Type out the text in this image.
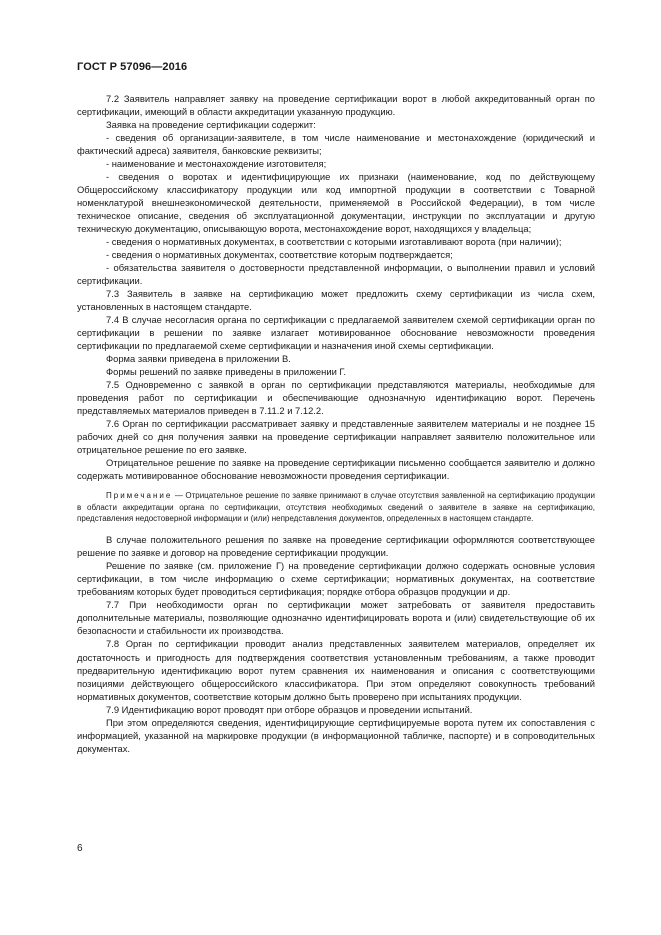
ГОСТ Р 57096—2016

7.2 Заявитель направляет заявку на проведение сертификации ворот в любой аккредитованный орган по сертификации, имеющий в области аккредитации указанную продукцию.

Заявка на проведение сертификации содержит:

- сведения об организации-заявителе, в том числе наименование и местонахождение (юридический и фактический адреса) заявителя, банковские реквизиты;

- наименование и местонахождение изготовителя;

- сведения о воротах и идентифицирующие их признаки (наименование, код по действующему Общероссийскому классификатору продукции или код импортной продукции в соответствии с Товарной номенклатурой внешнеэкономической деятельности, применяемой в Российской Федерации), в том числе техническое описание, сведения об эксплуатационной документации, инструкции по эксплуатации и другую техническую документацию, описывающую ворота, местонахождение ворот, находящихся у владельца;

- сведения о нормативных документах, в соответствии с которыми изготавливают ворота (при наличии);

- сведения о нормативных документах, соответствие которым подтверждается;

- обязательства заявителя о достоверности представленной информации, о выполнении правил и условий сертификации.

7.3 Заявитель в заявке на сертификацию может предложить схему сертификации из числа схем, установленных в настоящем стандарте.

7.4 В случае несогласия органа по сертификации с предлагаемой заявителем схемой сертификации орган по сертификации в решении по заявке излагает мотивированное обоснование невозможности проведения сертификации по предлагаемой схеме сертификации и назначения иной схемы сертификации.

Форма заявки приведена в приложении В.

Формы решений по заявке приведены в приложении Г.

7.5 Одновременно с заявкой в орган по сертификации представляются материалы, необходимые для проведения работ по сертификации и обеспечивающие однозначную идентификацию ворот. Перечень представляемых материалов приведен в 7.11.2 и 7.12.2.

7.6 Орган по сертификации рассматривает заявку и представленные заявителем материалы и не позднее 15 рабочих дней со дня получения заявки на проведение сертификации направляет заявителю положительное или отрицательное решение по его заявке.

Отрицательное решение по заявке на проведение сертификации письменно сообщается заявителю и должно содержать мотивированное обоснование невозможности проведения сертификации.

Примечание — Отрицательное решение по заявке принимают в случае отсутствия заявленной на сертификацию продукции в области аккредитации органа по сертификации, отсутствия необходимых сведений о заявителе в заявке на сертификацию, представления недостоверной информации и (или) непредставления документов, определенных в настоящем стандарте.

В случае положительного решения по заявке на проведение сертификации оформляются соответствующее решение по заявке и договор на проведение сертификации продукции.

Решение по заявке (см. приложение Г) на проведение сертификации должно содержать основные условия сертификации, в том числе информацию о схеме сертификации; нормативных документах, на соответствие требованиям которых будет проводиться сертификация; порядке отбора образцов продукции и др.

7.7 При необходимости орган по сертификации может затребовать от заявителя предоставить дополнительные материалы, позволяющие однозначно идентифицировать ворота и (или) свидетельствующие об их безопасности и стабильности их производства.

7.8 Орган по сертификации проводит анализ представленных заявителем материалов, определяет их достаточность и пригодность для подтверждения соответствия установленным требованиям, а также проводит предварительную идентификацию ворот путем сравнения их наименования и описания с соответствующими позициями действующего общероссийского классификатора. При этом определяют совокупность требований нормативных документов, соответствие которым должно быть проверено при испытаниях продукции.

7.9 Идентификацию ворот проводят при отборе образцов и проведении испытаний.

При этом определяются сведения, идентифицирующие сертифицируемые ворота путем их сопоставления с информацией, указанной на маркировке продукции (в информационной табличке, паспорте) и в сопроводительных документах.

6
